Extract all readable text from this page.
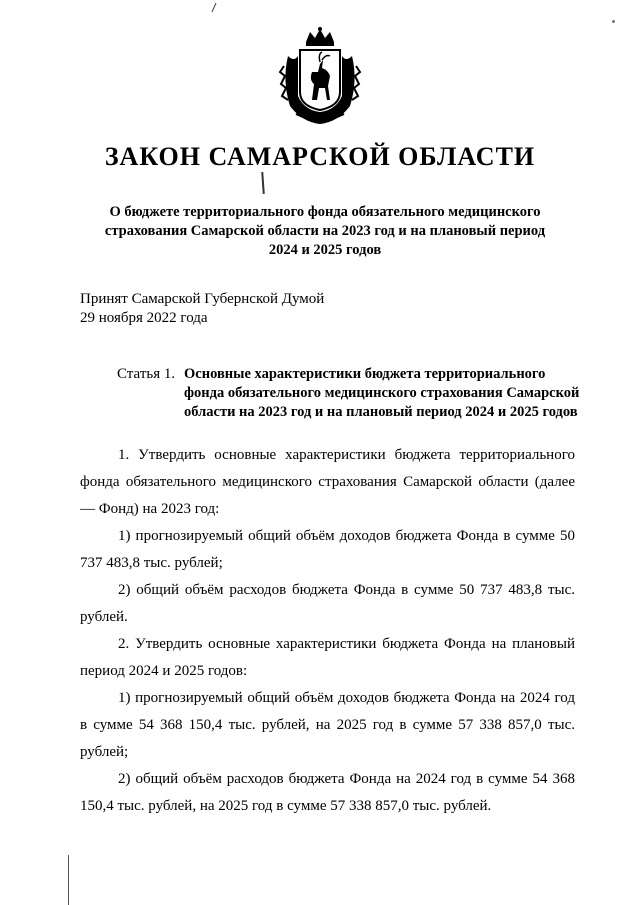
ЗАКОН САМАРСКОЙ ОБЛАСТИ
О бюджете территориального фонда обязательного медицинского страхования Самарской области на 2023 год и на плановый период 2024 и 2025 годов
Принят Самарской Губернской Думой
29 ноября 2022 года
Статья 1. Основные характеристики бюджета территориального фонда обязательного медицинского страхования Самарской области на 2023 год и на плановый период 2024 и 2025 годов

1. Утвердить основные характеристики бюджета территориального фонда обязательного медицинского страхования Самарской области (далее — Фонд) на 2023 год:

1) прогнозируемый общий объём доходов бюджета Фонда в сумме 50 737 483,8 тыс. рублей;

2) общий объём расходов бюджета Фонда в сумме 50 737 483,8 тыс. рублей.

2. Утвердить основные характеристики бюджета Фонда на плановый период 2024 и 2025 годов:

1) прогнозируемый общий объём доходов бюджета Фонда на 2024 год в сумме 54 368 150,4 тыс. рублей, на 2025 год в сумме 57 338 857,0 тыс. рублей;

2) общий объём расходов бюджета Фонда на 2024 год в сумме 54 368 150,4 тыс. рублей, на 2025 год в сумме 57 338 857,0 тыс. рублей.
